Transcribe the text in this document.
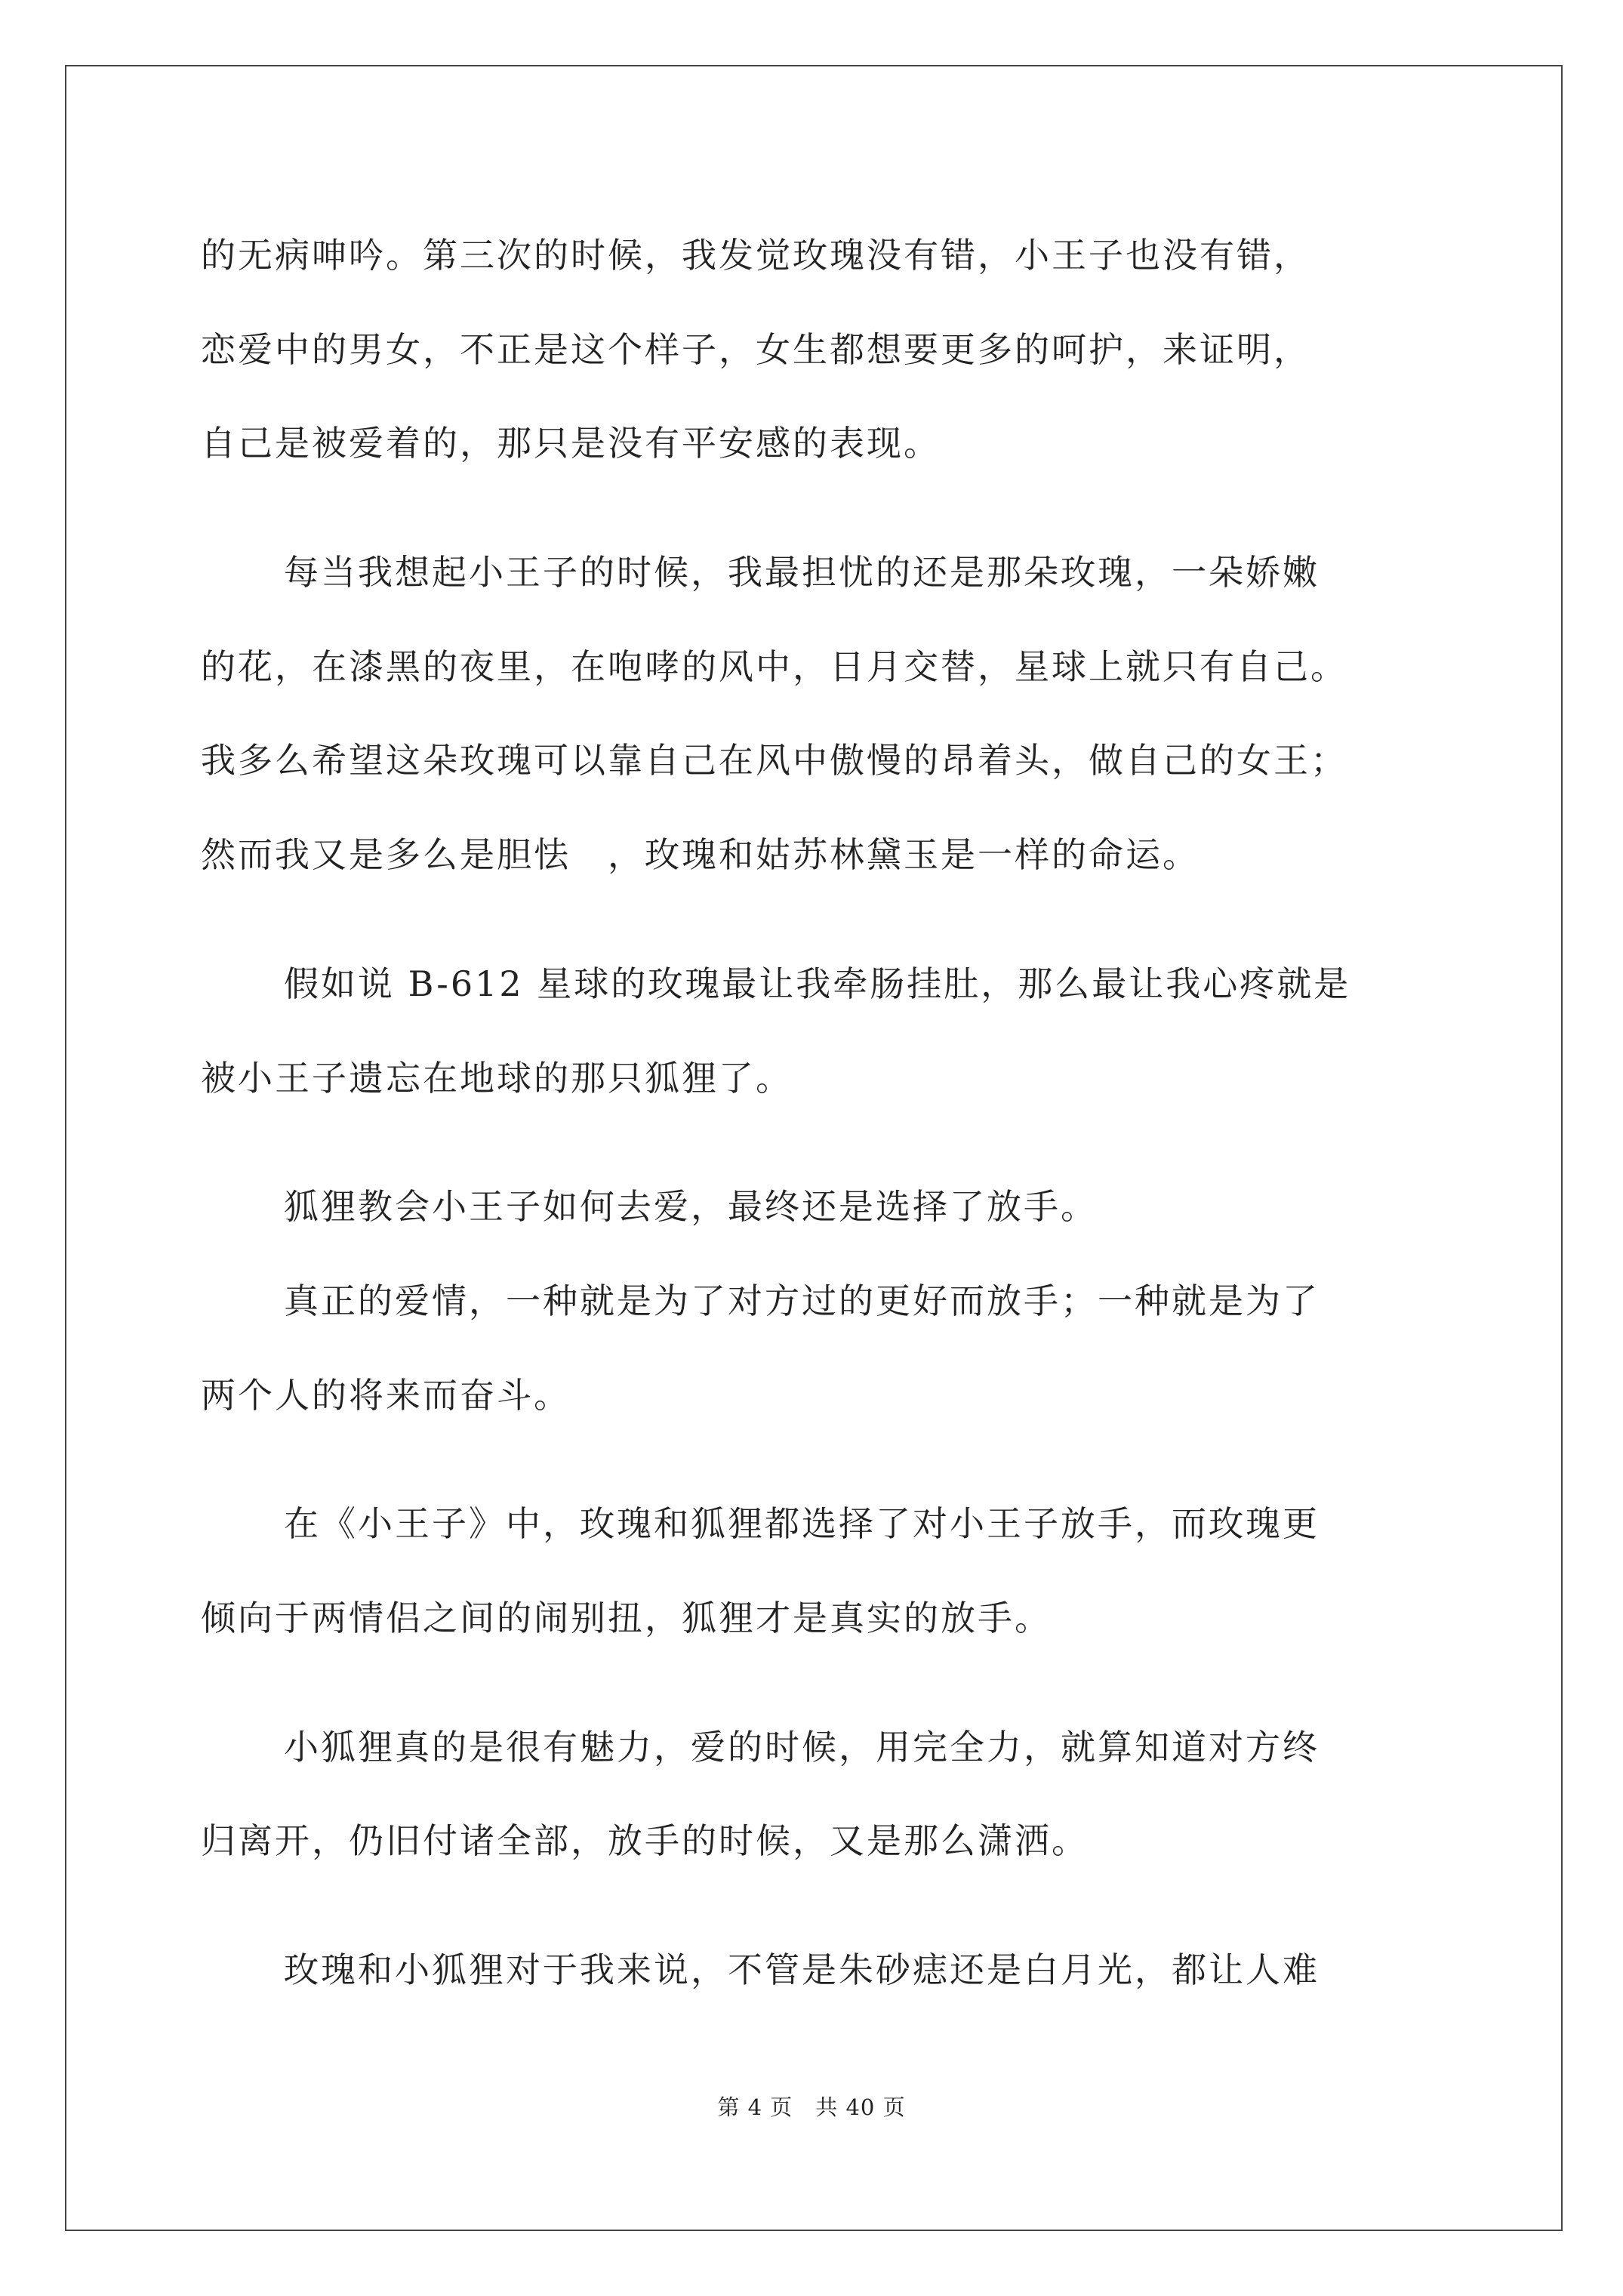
的无病呻吟。第三次的时候，我发觉玫瑰没有错，小王子也没有错，
恋爱中的男女，不正是这个样子，女生都想要更多的呵护，来证明，
自己是被爱着的，那只是没有平安感的表现。
每当我想起小王子的时候，我最担忧的还是那朵玫瑰，一朵娇嫩
的花，在漆黑的夜里，在咆哮的风中，日月交替，星球上就只有自己。
我多么希望这朵玫瑰可以靠自己在风中傲慢的昂着头，做自己的女王；
然而我又是多么是胆怯　，玫瑰和姑苏林黛玉是一样的命运。
假如说 B-612 星球的玫瑰最让我牵肠挂肚，那么最让我心疼就是
被小王子遗忘在地球的那只狐狸了。
狐狸教会小王子如何去爱，最终还是选择了放手。
真正的爱情，一种就是为了对方过的更好而放手；一种就是为了
两个人的将来而奋斗。
在《小王子》中，玫瑰和狐狸都选择了对小王子放手，而玫瑰更
倾向于两情侣之间的闹别扭，狐狸才是真实的放手。
小狐狸真的是很有魅力，爱的时候，用完全力，就算知道对方终
归离开，仍旧付诸全部，放手的时候，又是那么潇洒。
玫瑰和小狐狸对于我来说，不管是朱砂痣还是白月光，都让人难
第 4 页　共 40 页
